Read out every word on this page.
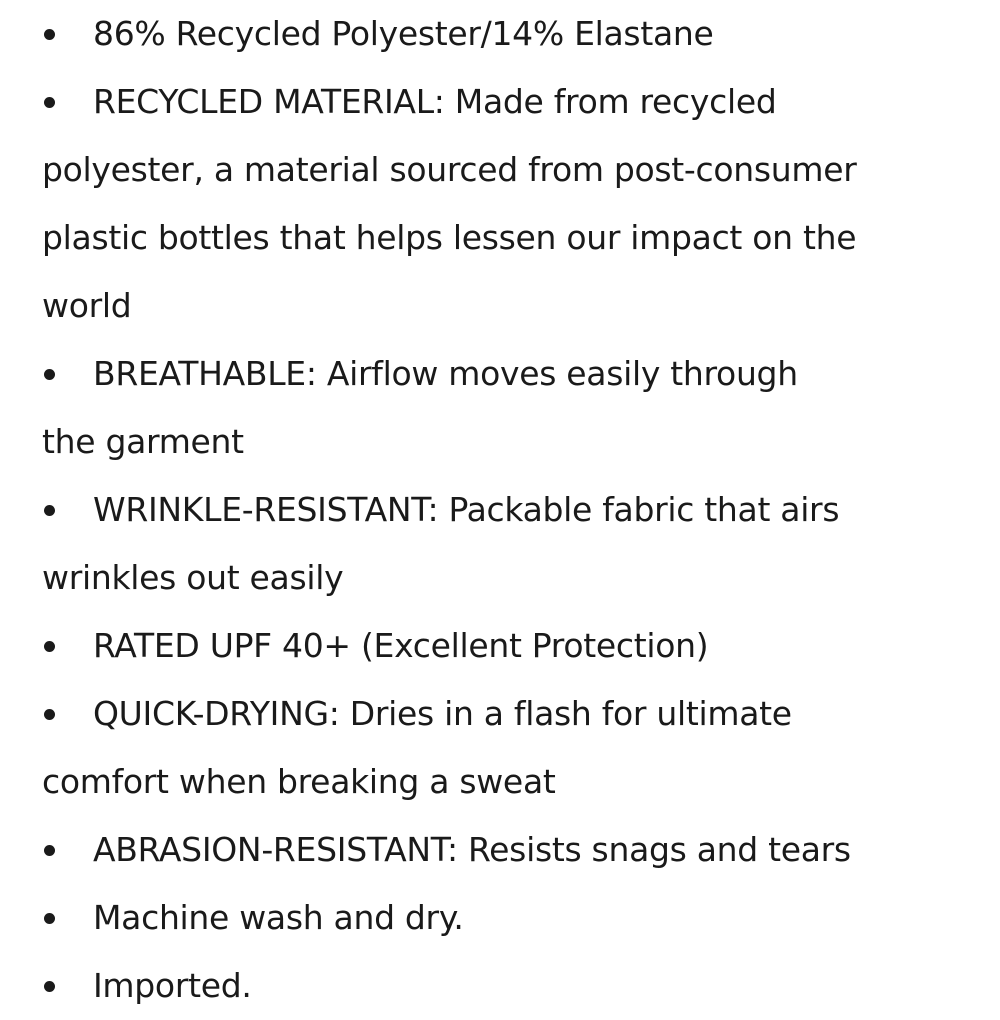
86% Recycled Polyester/14% Elastane
RECYCLED MATERIAL: Made from recycled
polyester, a material sourced from post-consumer
plastic bottles that helps lessen our impact on the
world
BREATHABLE: Airflow moves easily through
the garment
WRINKLE-RESISTANT: Packable fabric that airs
wrinkles out easily
RATED UPF 40+ (Excellent Protection)
QUICK-DRYING: Dries in a flash for ultimate
comfort when breaking a sweat
ABRASION-RESISTANT: Resists snags and tears
Machine wash and dry.
Imported.
